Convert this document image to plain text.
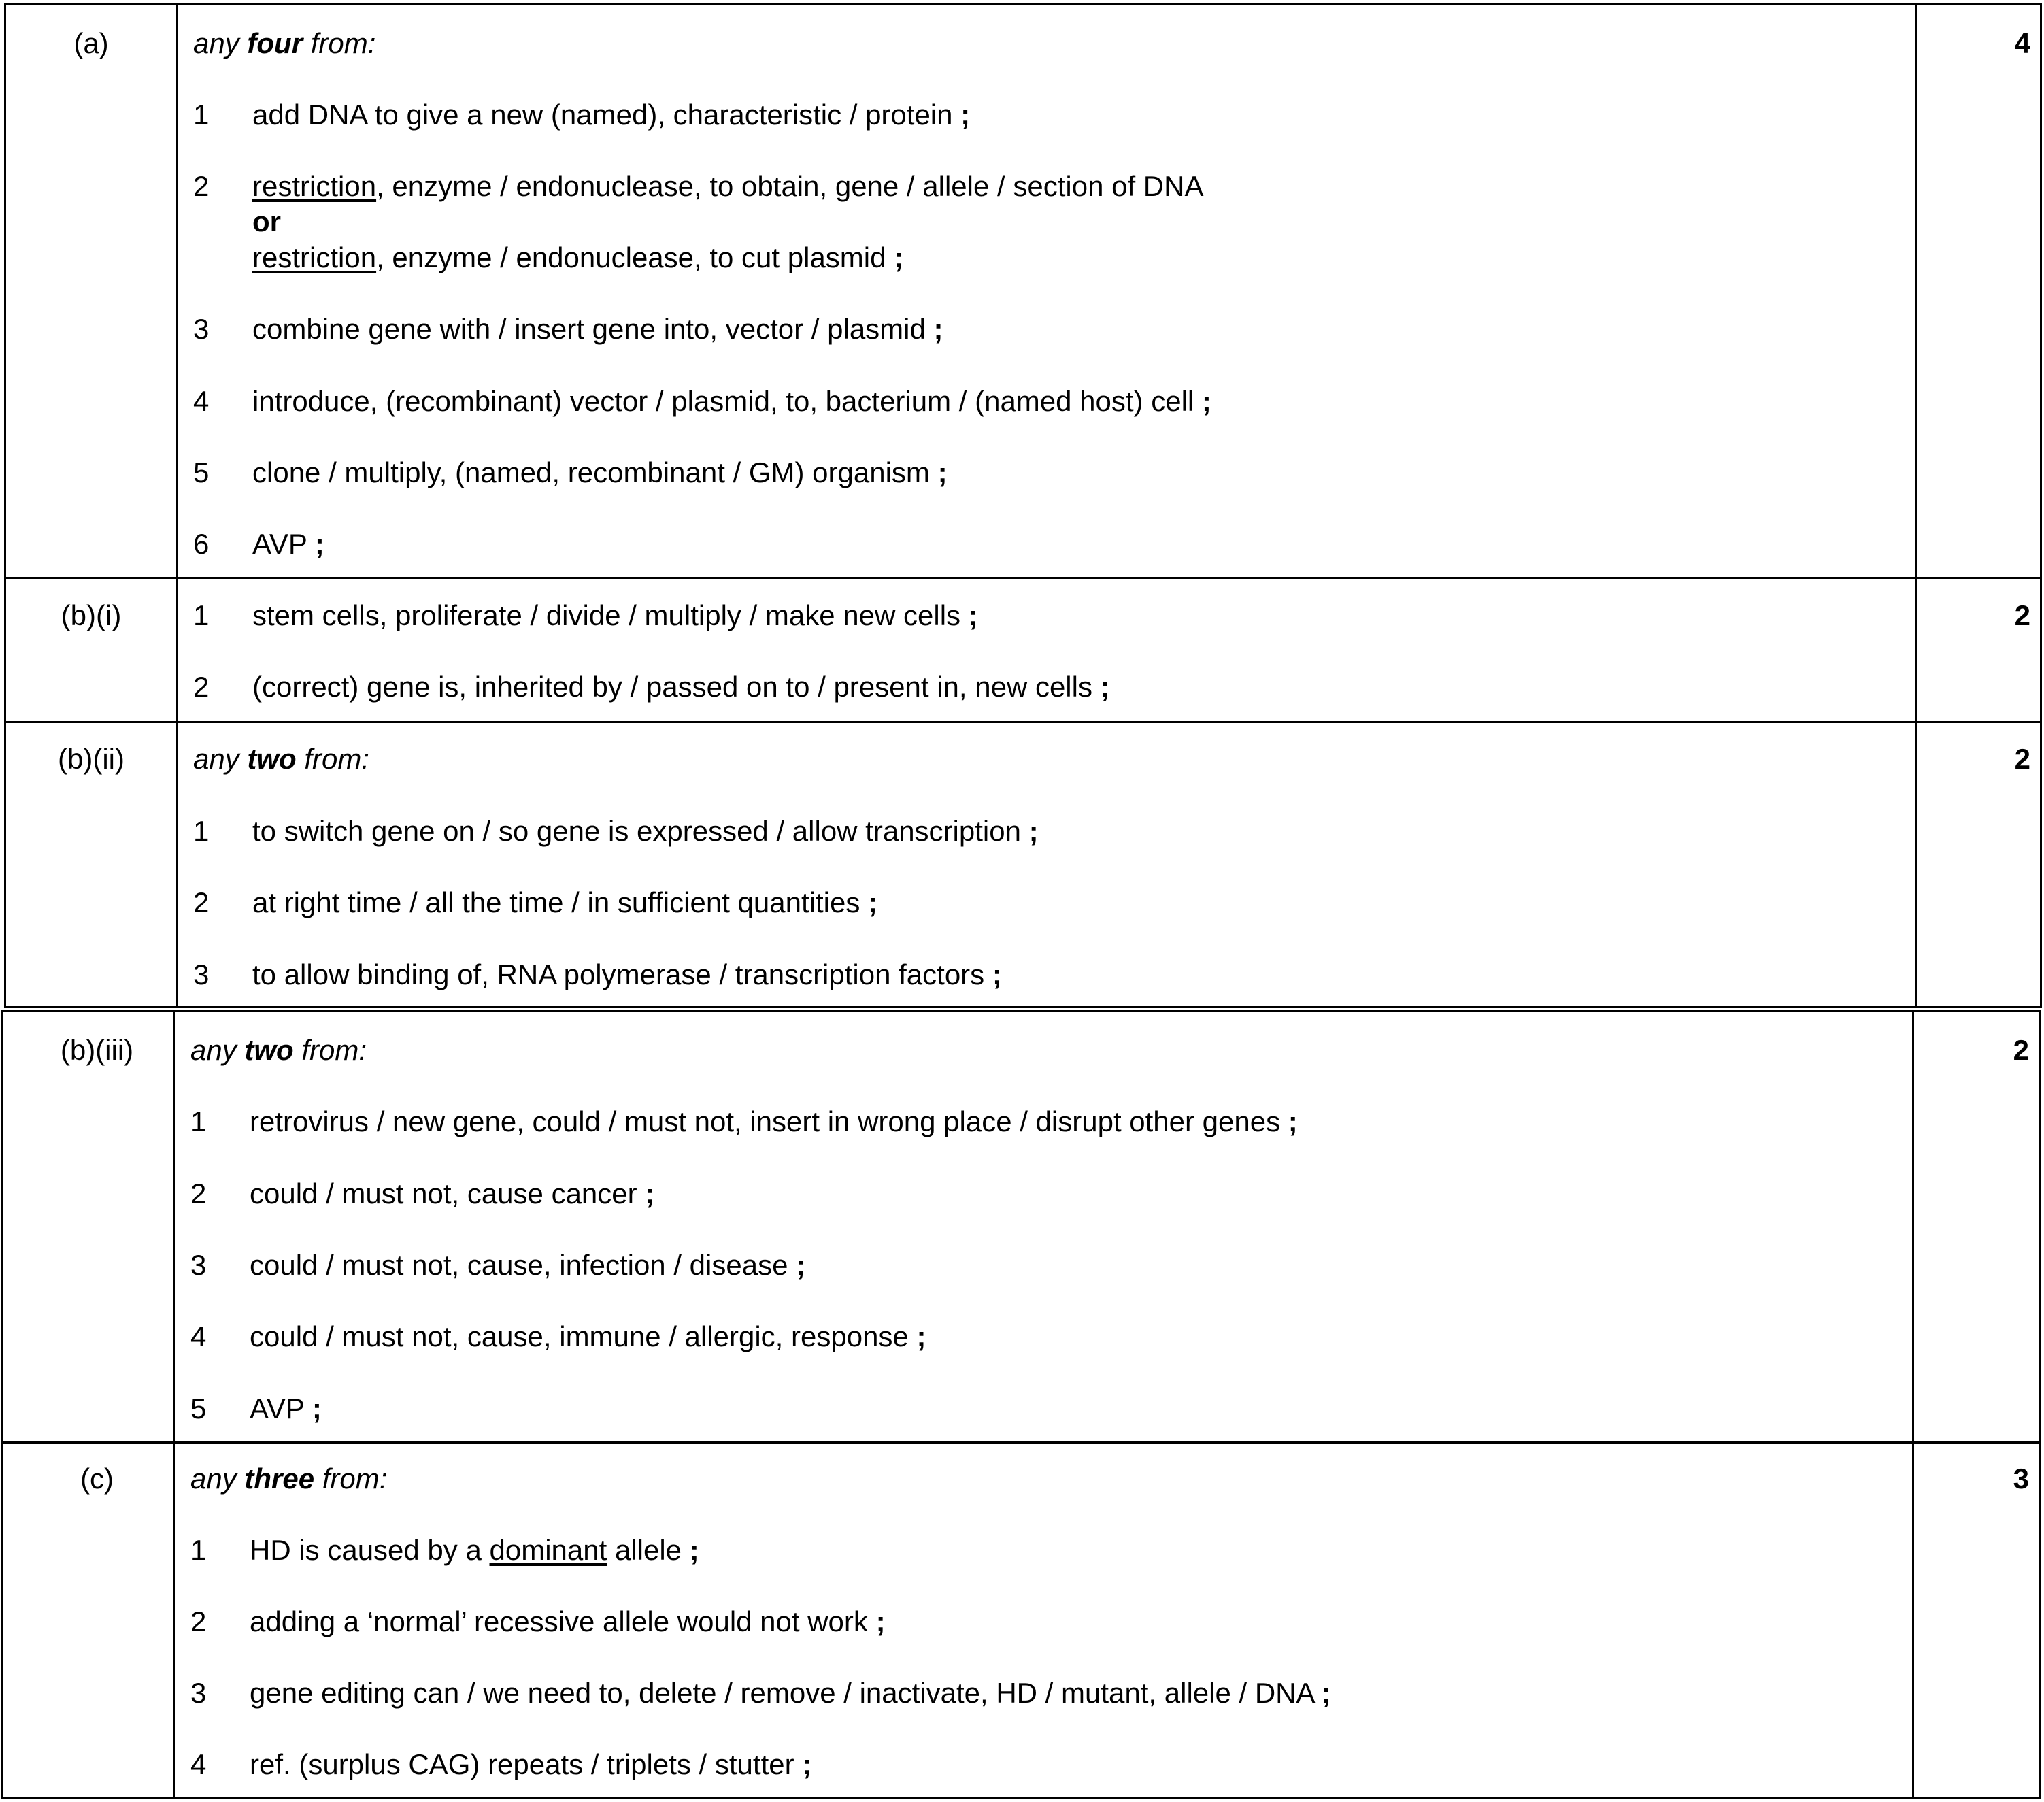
(a)	4
any four from:
1 add DNA to give a new (named), characteristic / protein ;
2 restriction, enzyme / endonuclease, to obtain, gene / allele / section of DNA
or
restriction, enzyme / endonuclease, to cut plasmid ;
3 combine gene with / insert gene into, vector / plasmid ;
4 introduce, (recombinant) vector / plasmid, to, bacterium / (named host) cell ;
5 clone / multiply, (named, recombinant / GM) organism ;
6 AVP ;
(b)(i)	2
1 stem cells, proliferate / divide / multiply / make new cells ;
2 (correct) gene is, inherited by / passed on to / present in, new cells ;
(b)(ii)	2
any two from:
1 to switch gene on / so gene is expressed / allow transcription ;
2 at right time / all the time / in sufficient quantities ;
3 to allow binding of, RNA polymerase / transcription factors ;
(b)(iii)	2
any two from:
1 retrovirus / new gene, could / must not, insert in wrong place / disrupt other genes ;
2 could / must not, cause cancer ;
3 could / must not, cause, infection / disease ;
4 could / must not, cause, immune / allergic, response ;
5 AVP ;
(c)	3
any three from:
1 HD is caused by a dominant allele ;
2 adding a ‘normal’ recessive allele would not work ;
3 gene editing can / we need to, delete / remove / inactivate, HD / mutant, allele / DNA ;
4 ref. (surplus CAG) repeats / triplets / stutter ;
